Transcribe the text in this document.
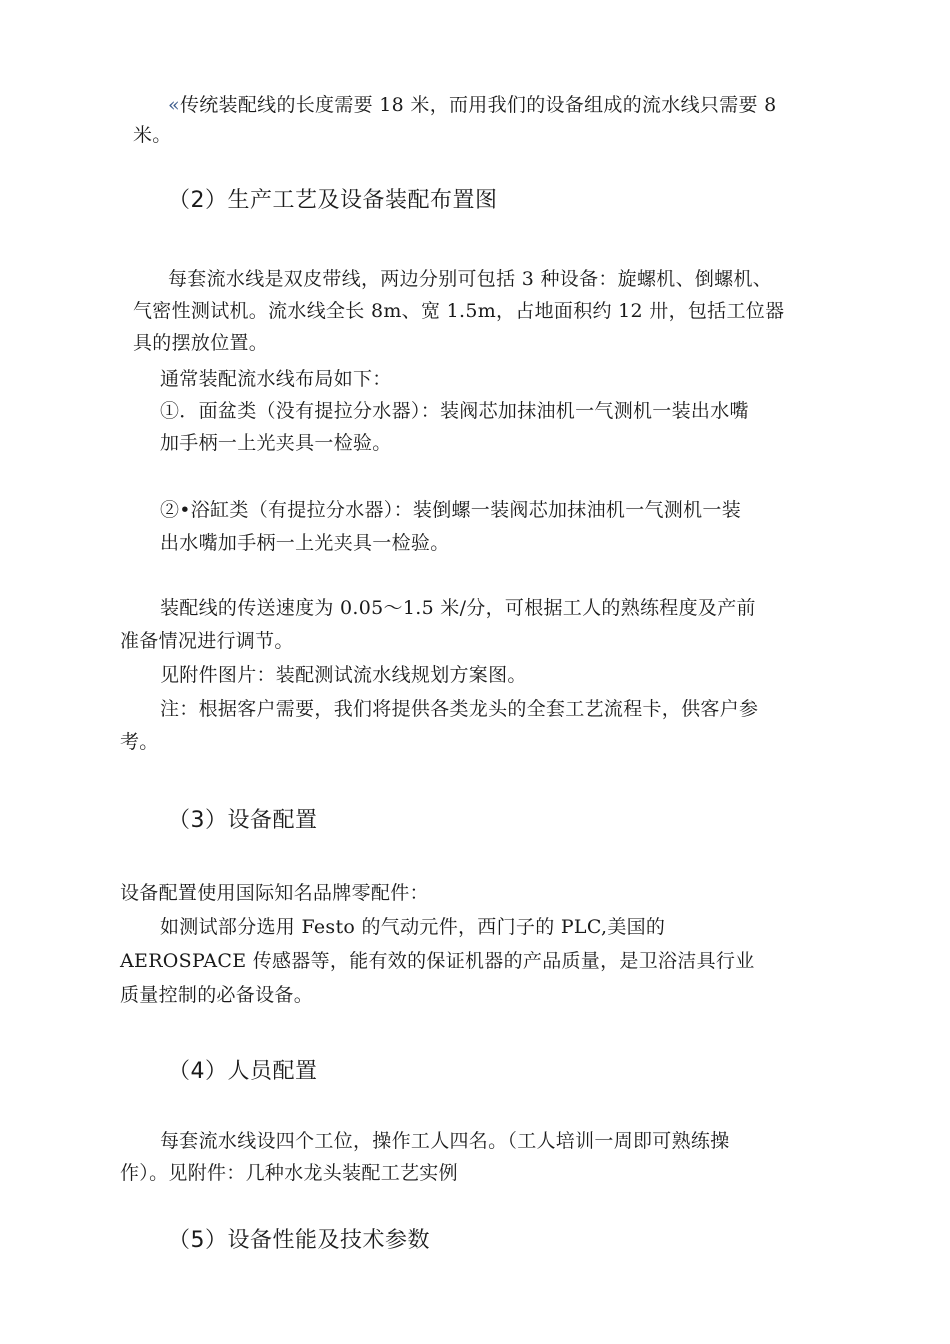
«传统装配线的长度需要 18 米，而用我们的设备组成的流水线只需要 8
米。
（2）生产工艺及设备装配布置图
每套流水线是双皮带线，两边分别可包括 3 种设备：旋螺机、倒螺机、
气密性测试机。流水线全长 8m、宽 1.5m，占地面积约 12 卅，包括工位器
具的摆放位置。
通常装配流水线布局如下：
①．面盆类（没有提拉分水器）：装阀芯加抹油机一气测机一装出水嘴
加手柄一上光夹具一检验。
②•浴缸类（有提拉分水器）：装倒螺一装阀芯加抹油机一气测机一装
出水嘴加手柄一上光夹具一检验。
装配线的传送速度为 0.05〜1.5 米/分，可根据工人的熟练程度及产前
准备情况进行调节。
见附件图片：装配测试流水线规划方案图。
注：根据客户需要，我们将提供各类龙头的全套工艺流程卡，供客户参
考。
（3）设备配置
设备配置使用国际知名品牌零配件：
如测试部分选用 Festo 的气动元件，西门子的 PLC,美国的
AEROSPACE 传感器等，能有效的保证机器的产品质量，是卫浴洁具行业
质量控制的必备设备。
（4）人员配置
每套流水线设四个工位，操作工人四名。（工人培训一周即可熟练操
作）。见附件：几种水龙头装配工艺实例
（5）设备性能及技术参数
